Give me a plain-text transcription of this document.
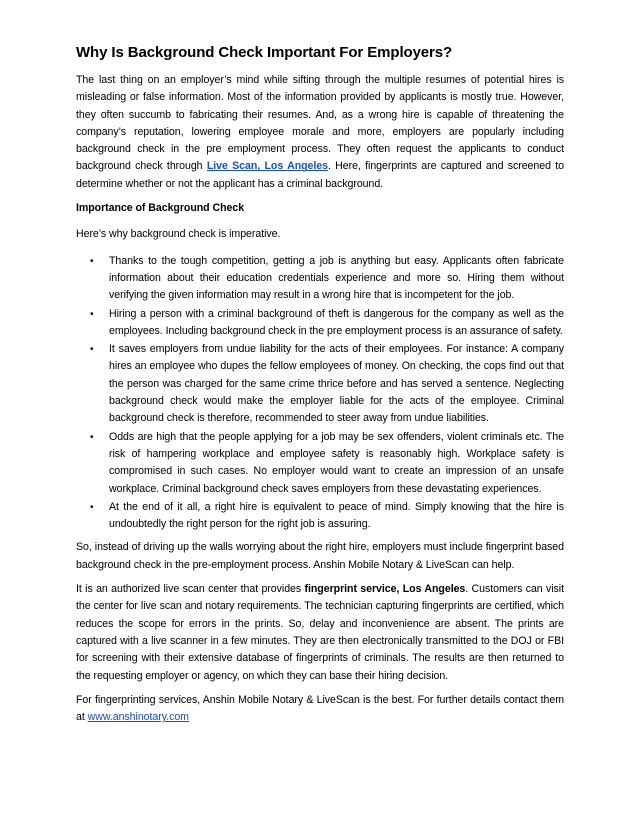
Why Is Background Check Important For Employers?

The last thing on an employer’s mind while sifting through the multiple resumes of potential hires is misleading or false information. Most of the information provided by applicants is mostly true. However, they often succumb to fabricating their resumes. And, as a wrong hire is capable of threatening the company’s reputation, lowering employee morale and more, employers are popularly including background check in the pre employment process. They often request the applicants to conduct background check through Live Scan, Los Angeles. Here, fingerprints are captured and screened to determine whether or not the applicant has a criminal background.

Importance of Background Check

Here’s why background check is imperative.

• Thanks to the tough competition, getting a job is anything but easy. Applicants often fabricate information about their education credentials experience and more so. Hiring them without verifying the given information may result in a wrong hire that is incompetent for the job.
• Hiring a person with a criminal background of theft is dangerous for the company as well as the employees. Including background check in the pre employment process is an assurance of safety.
• It saves employers from undue liability for the acts of their employees. For instance: A company hires an employee who dupes the fellow employees of money. On checking, the cops find out that the person was charged for the same crime thrice before and has served a sentence. Neglecting background check would make the employer liable for the acts of the employee. Criminal background check is therefore, recommended to steer away from undue liabilities.
• Odds are high that the people applying for a job may be sex offenders, violent criminals etc. The risk of hampering workplace and employee safety is reasonably high. Workplace safety is compromised in such cases. No employer would want to create an impression of an unsafe workplace. Criminal background check saves employers from these devastating experiences.
• At the end of it all, a right hire is equivalent to peace of mind. Simply knowing that the hire is undoubtedly the right person for the right job is assuring.

So, instead of driving up the walls worrying about the right hire, employers must include fingerprint based background check in the pre-employment process. Anshin Mobile Notary & LiveScan can help.

It is an authorized live scan center that provides fingerprint service, Los Angeles. Customers can visit the center for live scan and notary requirements. The technician capturing fingerprints are certified, which reduces the scope for errors in the prints. So, delay and inconvenience are absent. The prints are captured with a live scanner in a few minutes. They are then electronically transmitted to the DOJ or FBI for screening with their extensive database of fingerprints of criminals. The results are then returned to the requesting employer or agency, on which they can base their hiring decision.

For fingerprinting services, Anshin Mobile Notary & LiveScan is the best. For further details contact them at www.anshinotary.com
